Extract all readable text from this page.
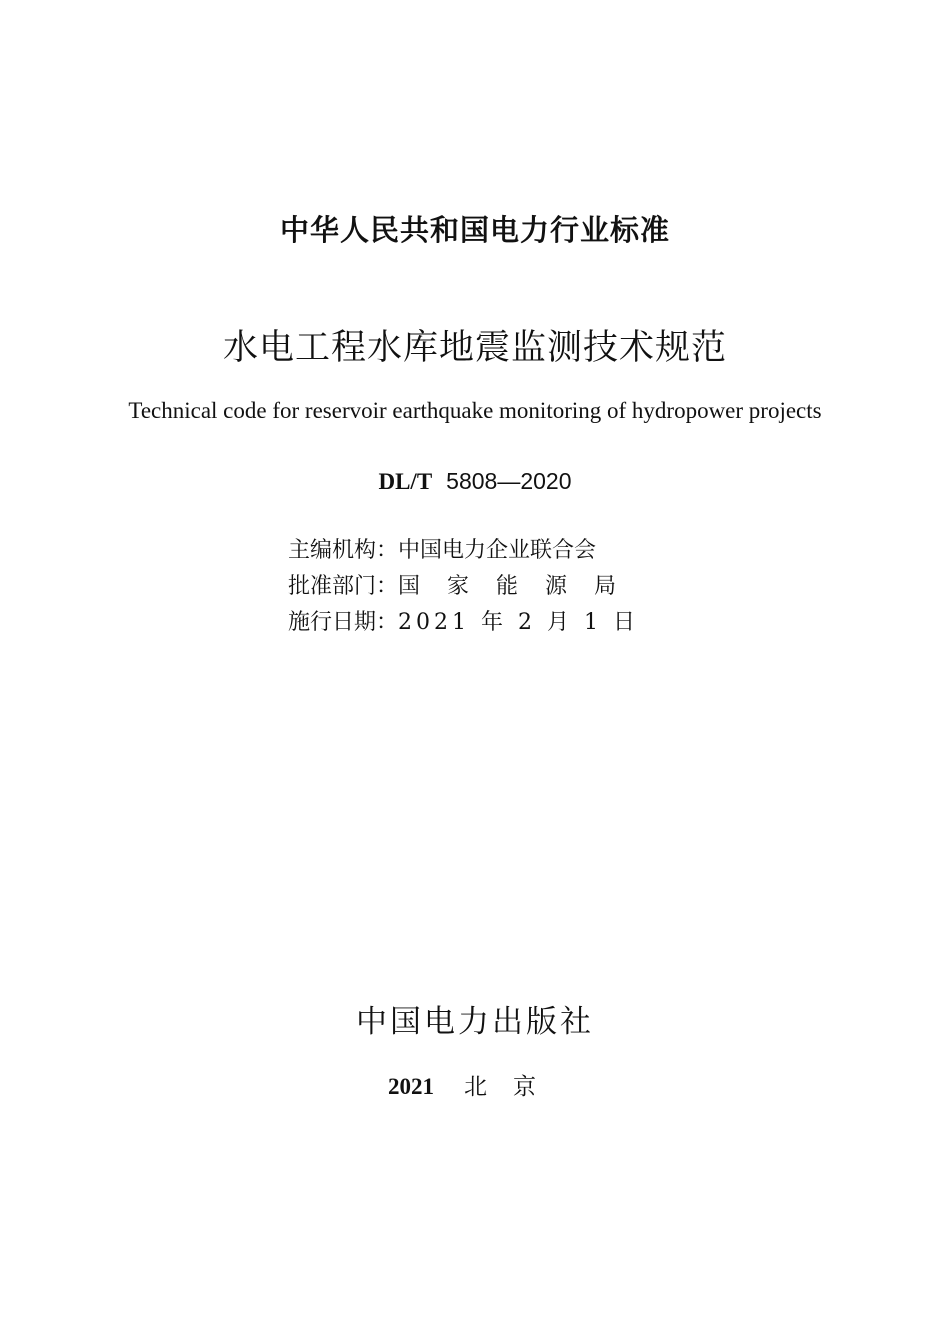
中华人民共和国电力行业标准
水电工程水库地震监测技术规范
Technical code for reservoir earthquake monitoring of hydropower projects
DL/T 5808—2020
主编机构：中国电力企业联合会
批准部门：国家能源局
施行日期：2021 年 2 月 1 日
中国电力出版社
2021 北京
